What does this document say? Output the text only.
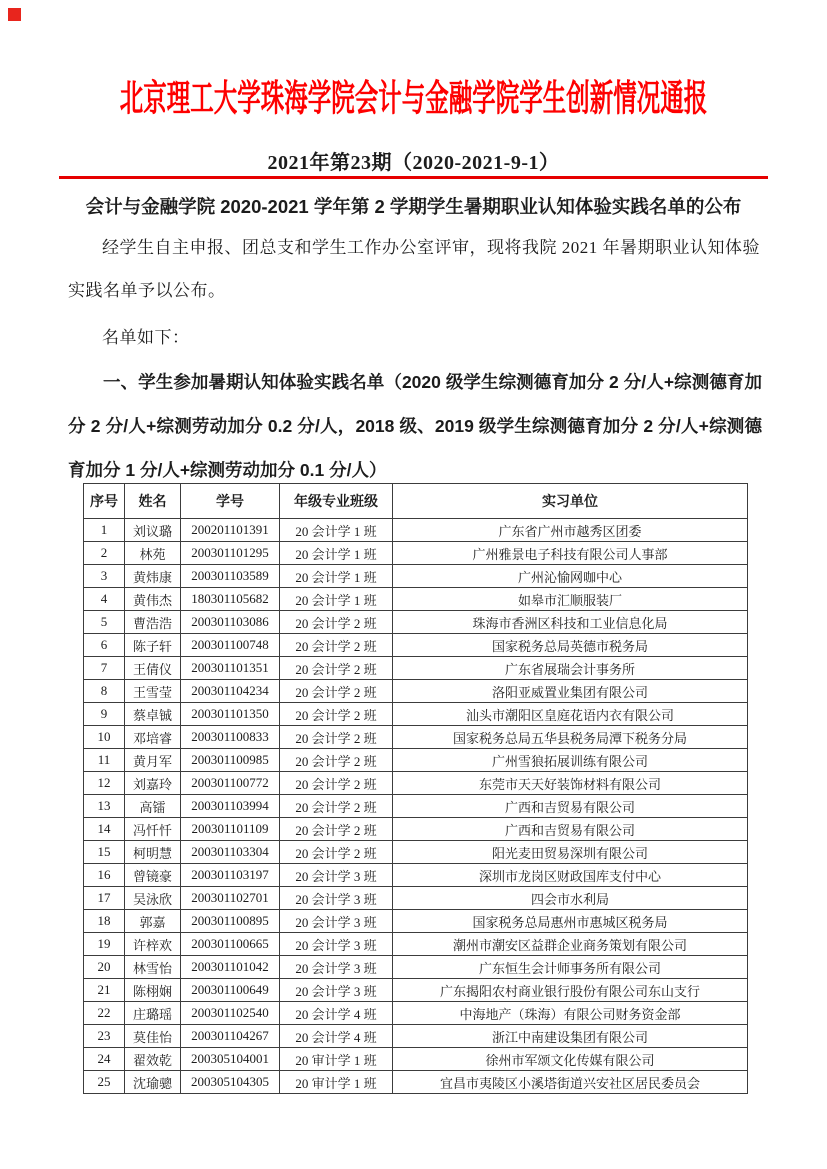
北京理工大学珠海学院会计与金融学院学生创新情况通报
2021年第23期（2020-2021-9-1）
会计与金融学院 2020-2021 学年第 2 学期学生暑期职业认知体验实践名单的公布

经学生自主申报、团总支和学生工作办公室评审，现将我院 2021 年暑期职业认知体验实践名单予以公布。

名单如下：

一、学生参加暑期认知体验实践名单（2020 级学生综测德育加分 2 分/人+综测德育加分 2 分/人+综测劳动加分 0.2 分/人，2018 级、2019 级学生综测德育加分 2 分/人+综测德育加分 1 分/人+综测劳动加分 0.1 分/人）

序号	姓名	学号	年级专业班级	实习单位
1	刘议璐	200201101391	20 会计学 1 班	广东省广州市越秀区团委
2	林苑	200301101295	20 会计学 1 班	广州雅景电子科技有限公司人事部
3	黄炜康	200301103589	20 会计学 1 班	广州沁愉网咖中心
4	黄伟杰	180301105682	20 会计学 1 班	如皋市汇顺服装厂
5	曹浩浩	200301103086	20 会计学 2 班	珠海市香洲区科技和工业信息化局
6	陈子轩	200301100748	20 会计学 2 班	国家税务总局英德市税务局
7	王倩仪	200301101351	20 会计学 2 班	广东省展瑞会计事务所
8	王雪莹	200301104234	20 会计学 2 班	洛阳亚威置业集团有限公司
9	蔡卓铖	200301101350	20 会计学 2 班	汕头市潮阳区皇庭花语内衣有限公司
10	邓培睿	200301100833	20 会计学 2 班	国家税务总局五华县税务局潭下税务分局
11	黄月军	200301100985	20 会计学 2 班	广州雪狼拓展训练有限公司
12	刘嘉玲	200301100772	20 会计学 2 班	东莞市天天好装饰材料有限公司
13	高镭	200301103994	20 会计学 2 班	广西和吉贸易有限公司
14	冯忏忏	200301101109	20 会计学 2 班	广西和吉贸易有限公司
15	柯明慧	200301103304	20 会计学 2 班	阳光麦田贸易深圳有限公司
16	曾镜豪	200301103197	20 会计学 3 班	深圳市龙岗区财政国库支付中心
17	吴泳欣	200301102701	20 会计学 3 班	四会市水利局
18	郭嘉	200301100895	20 会计学 3 班	国家税务总局惠州市惠城区税务局
19	许梓欢	200301100665	20 会计学 3 班	潮州市潮安区益群企业商务策划有限公司
20	林雪怡	200301101042	20 会计学 3 班	广东恒生会计师事务所有限公司
21	陈栩娴	200301100649	20 会计学 3 班	广东揭阳农村商业银行股份有限公司东山支行
22	庄璐瑶	200301102540	20 会计学 4 班	中海地产（珠海）有限公司财务资金部
23	莫佳怡	200301104267	20 会计学 4 班	浙江中南建设集团有限公司
24	翟效乾	200305104001	20 审计学 1 班	徐州市军颂文化传媒有限公司
25	沈瑜骢	200305104305	20 审计学 1 班	宜昌市夷陵区小溪塔街道兴安社区居民委员会
